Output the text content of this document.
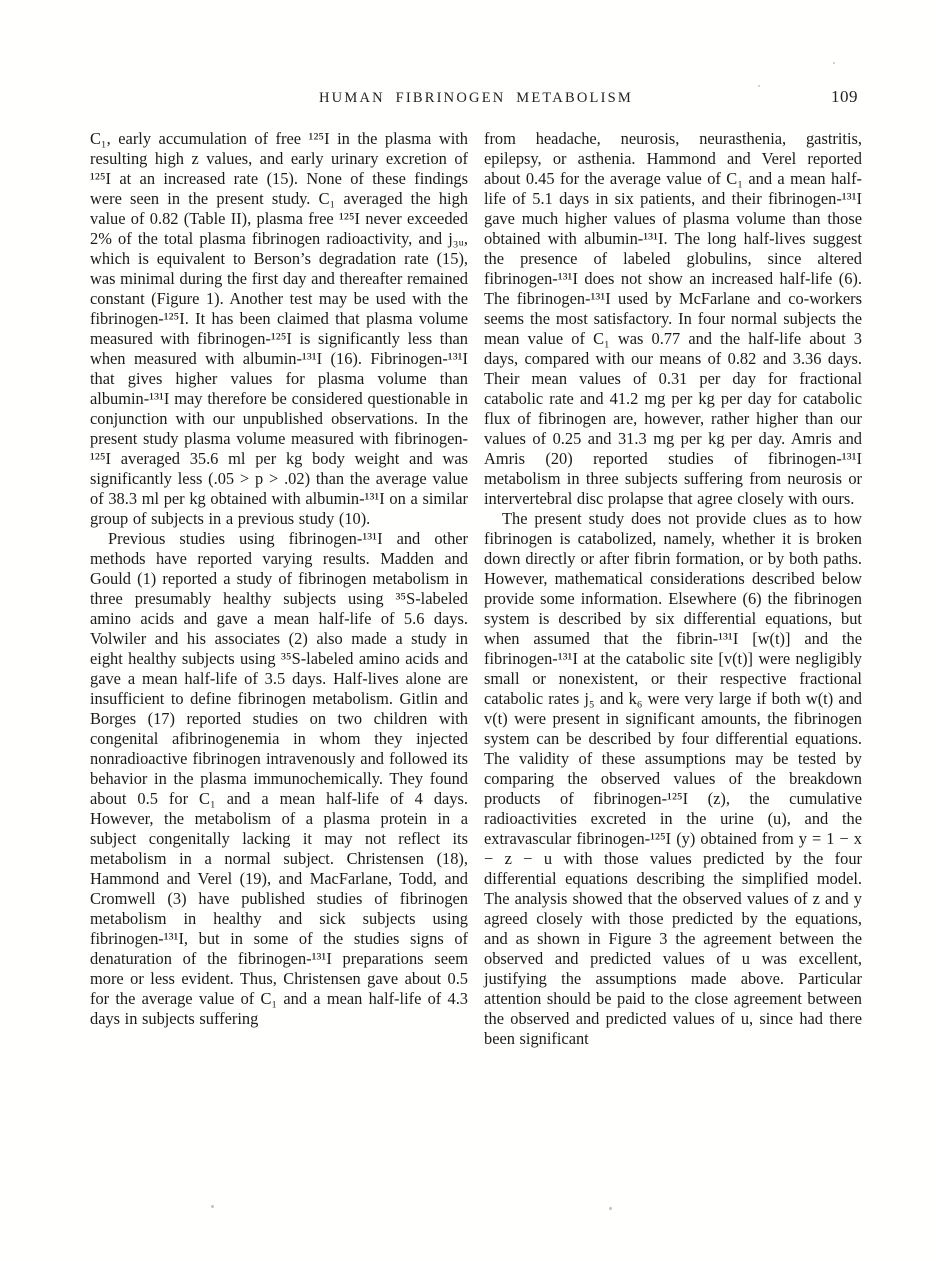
HUMAN FIBRINOGEN METABOLISM	109

C₁, early accumulation of free ¹²⁵I in the plasma with resulting high z values, and early urinary excretion of ¹²⁵I at an increased rate (15). None of these findings were seen in the present study. C₁ averaged the high value of 0.82 (Table II), plasma free ¹²⁵I never exceeded 2% of the total plasma fibrinogen radioactivity, and j₃ᵤ, which is equivalent to Berson’s degradation rate (15), was minimal during the first day and thereafter remained constant (Figure 1). Another test may be used with the fibrinogen-¹²⁵I. It has been claimed that plasma volume measured with fibrinogen-¹²⁵I is significantly less than when measured with albumin-¹³¹I (16). Fibrinogen-¹³¹I that gives higher values for plasma volume than albumin-¹³¹I may therefore be considered questionable in conjunction with our unpublished observations. In the present study plasma volume measured with fibrinogen-¹²⁵I averaged 35.6 ml per kg body weight and was significantly less (.05 > p > .02) than the average value of 38.3 ml per kg obtained with albumin-¹³¹I on a similar group of subjects in a previous study (10).

Previous studies using fibrinogen-¹³¹I and other methods have reported varying results. Madden and Gould (1) reported a study of fibrinogen metabolism in three presumably healthy subjects using ³⁵S-labeled amino acids and gave a mean half-life of 5.6 days. Volwiler and his associates (2) also made a study in eight healthy subjects using ³⁵S-labeled amino acids and gave a mean half-life of 3.5 days. Half-lives alone are insufficient to define fibrinogen metabolism. Gitlin and Borges (17) reported studies on two children with congenital afibrinogenemia in whom they injected nonradioactive fibrinogen intravenously and followed its behavior in the plasma immunochemically. They found about 0.5 for C₁ and a mean half-life of 4 days. However, the metabolism of a plasma protein in a subject congenitally lacking it may not reflect its metabolism in a normal subject. Christensen (18), Hammond and Verel (19), and MacFarlane, Todd, and Cromwell (3) have published studies of fibrinogen metabolism in healthy and sick subjects using fibrinogen-¹³¹I, but in some of the studies signs of denaturation of the fibrinogen-¹³¹I preparations seem more or less evident. Thus, Christensen gave about 0.5 for the average value of C₁ and a mean half-life of 4.3 days in subjects suffering

from headache, neurosis, neurasthenia, gastritis, epilepsy, or asthenia. Hammond and Verel reported about 0.45 for the average value of C₁ and a mean half-life of 5.1 days in six patients, and their fibrinogen-¹³¹I gave much higher values of plasma volume than those obtained with albumin-¹³¹I. The long half-lives suggest the presence of labeled globulins, since altered fibrinogen-¹³¹I does not show an increased half-life (6). The fibrinogen-¹³¹I used by McFarlane and co-workers seems the most satisfactory. In four normal subjects the mean value of C₁ was 0.77 and the half-life about 3 days, compared with our means of 0.82 and 3.36 days. Their mean values of 0.31 per day for fractional catabolic rate and 41.2 mg per kg per day for catabolic flux of fibrinogen are, however, rather higher than our values of 0.25 and 31.3 mg per kg per day. Amris and Amris (20) reported studies of fibrinogen-¹³¹I metabolism in three subjects suffering from neurosis or intervertebral disc prolapse that agree closely with ours.

The present study does not provide clues as to how fibrinogen is catabolized, namely, whether it is broken down directly or after fibrin formation, or by both paths. However, mathematical considerations described below provide some information. Elsewhere (6) the fibrinogen system is described by six differential equations, but when assumed that the fibrin-¹³¹I [w(t)] and the fibrinogen-¹³¹I at the catabolic site [v(t)] were negligibly small or nonexistent, or their respective fractional catabolic rates j₅ and k₆ were very large if both w(t) and v(t) were present in significant amounts, the fibrinogen system can be described by four differential equations. The validity of these assumptions may be tested by comparing the observed values of the breakdown products of fibrinogen-¹²⁵I (z), the cumulative radioactivities excreted in the urine (u), and the extravascular fibrinogen-¹²⁵I (y) obtained from y = 1 − x − z − u with those values predicted by the four differential equations describing the simplified model. The analysis showed that the observed values of z and y agreed closely with those predicted by the equations, and as shown in Figure 3 the agreement between the observed and predicted values of u was excellent, justifying the assumptions made above. Particular attention should be paid to the close agreement between the observed and predicted values of u, since had there been significant
